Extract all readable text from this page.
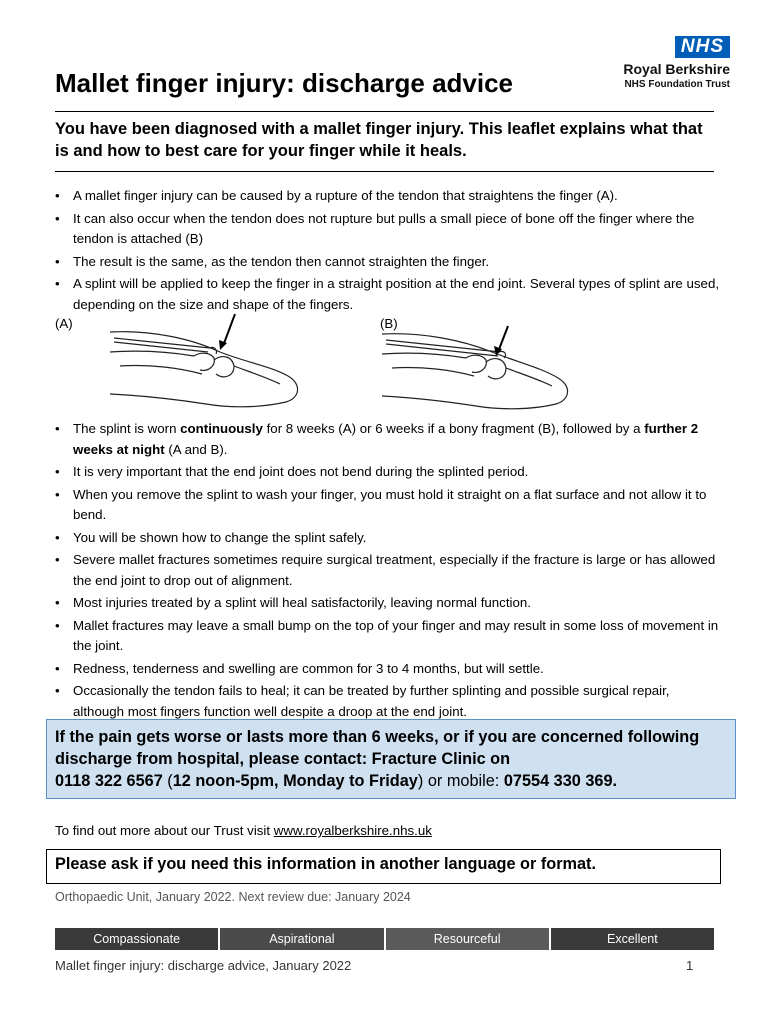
Mallet finger injury: discharge advice
NHS
Royal Berkshire
NHS Foundation Trust
You have been diagnosed with a mallet finger injury. This leaflet explains what that is and how to best care for your finger while it heals.
• A mallet finger injury can be caused by a rupture of the tendon that straightens the finger (A).
• It can also occur when the tendon does not rupture but pulls a small piece of bone off the finger where the tendon is attached (B)
• The result is the same, as the tendon then cannot straighten the finger.
• A splint will be applied to keep the finger in a straight position at the end joint. Several types of splint are used, depending on the size and shape of the fingers.
(A)	(B)
• The splint is worn continuously for 8 weeks (A) or 6 weeks if a bony fragment (B), followed by a further 2 weeks at night (A and B).
• It is very important that the end joint does not bend during the splinted period.
• When you remove the splint to wash your finger, you must hold it straight on a flat surface and not allow it to bend.
• You will be shown how to change the splint safely.
• Severe mallet fractures sometimes require surgical treatment, especially if the fracture is large or has allowed the end joint to drop out of alignment.
• Most injuries treated by a splint will heal satisfactorily, leaving normal function.
• Mallet fractures may leave a small bump on the top of your finger and may result in some loss of movement in the joint.
• Redness, tenderness and swelling are common for 3 to 4 months, but will settle.
• Occasionally the tendon fails to heal; it can be treated by further splinting and possible surgical repair, although most fingers function well despite a droop at the end joint.
If the pain gets worse or lasts more than 6 weeks, or if you are concerned following discharge from hospital, please contact: Fracture Clinic on
0118 322 6567 (12 noon-5pm, Monday to Friday) or mobile: 07554 330 369.
To find out more about our Trust visit www.royalberkshire.nhs.uk
Please ask if you need this information in another language or format.
Orthopaedic Unit, January 2022. Next review due: January 2024
Compassionate	Aspirational	Resourceful	Excellent
Mallet finger injury: discharge advice, January 2022	1
